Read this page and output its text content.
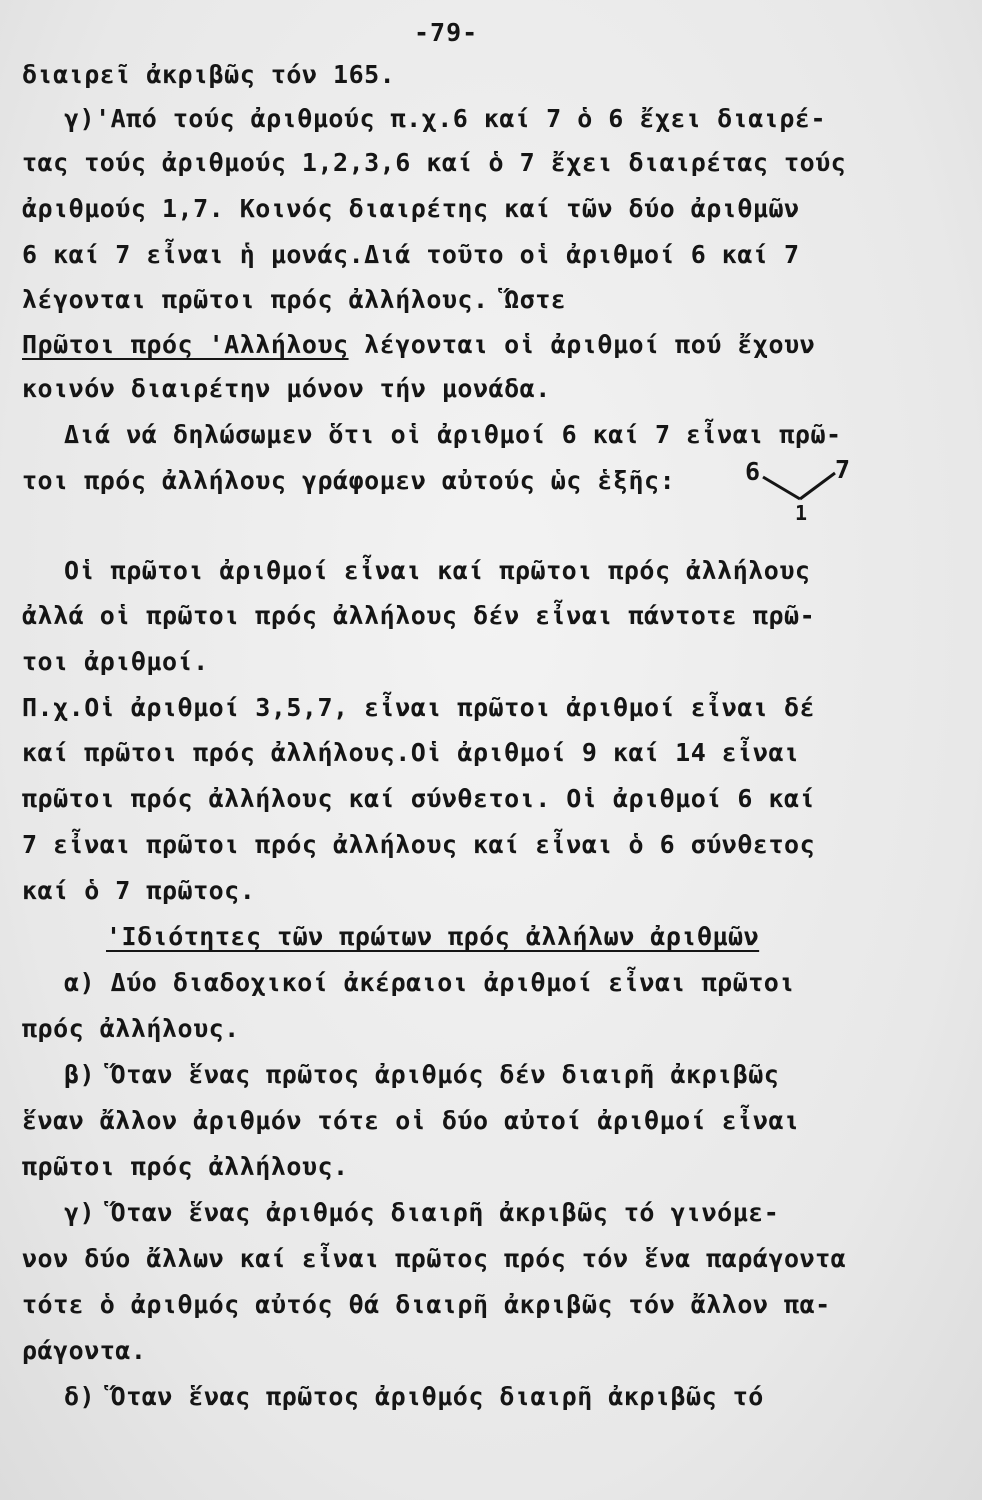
-79-
διαιρεῖ ἀκριβῶς τόν 165.
γ)'Από τούς ἀριθμούς π.χ.6 καί 7 ὁ 6 ἔχει διαιρέ-
τας τούς ἀριθμούς 1,2,3,6 καί ὁ 7 ἔχει διαιρέτας τούς
ἀριθμούς 1,7. Κοινός διαιρέτης καί τῶν δύο ἀριθμῶν
6 καί 7 εἶναι ἡ μονάς.Διά τοῦτο οἱ ἀριθμοί 6 καί 7
λέγονται πρῶτοι πρός ἀλλήλους. Ὥστε
Πρῶτοι πρός 'Αλλήλους λέγονται οἱ ἀριθμοί πού ἔχουν
κοινόν διαιρέτην μόνον τήν μονάδα.
Διά νά δηλώσωμεν ὅτι οἱ ἀριθμοί 6 καί 7 εἶναι πρῶ-
τοι πρός ἀλλήλους γράφομεν αὐτούς ὡς ἑξῆς:	6	7
1
Οἱ πρῶτοι ἀριθμοί εἶναι καί πρῶτοι πρός ἀλλήλους
ἀλλά οἱ πρῶτοι πρός ἀλλήλους δέν εἶναι πάντοτε πρῶ-
τοι ἀριθμοί.
Π.χ.Οἱ ἀριθμοί 3,5,7, εἶναι πρῶτοι ἀριθμοί εἶναι δέ
καί πρῶτοι πρός ἀλλήλους.Οἱ ἀριθμοί 9 καί 14 εἶναι
πρῶτοι πρός ἀλλήλους καί σύνθετοι. Οἱ ἀριθμοί 6 καί
7 εἶναι πρῶτοι πρός ἀλλήλους καί εἶναι ὁ 6 σύνθετος
καί ὁ 7 πρῶτος.
'Ιδιότητες τῶν πρώτων πρός ἀλλήλων ἀριθμῶν
α) Δύο διαδοχικοί ἀκέραιοι ἀριθμοί εἶναι πρῶτοι
πρός ἀλλήλους.
β) Ὅταν ἕνας πρῶτος ἀριθμός δέν διαιρῆ ἀκριβῶς
ἕναν ἄλλον ἀριθμόν τότε οἱ δύο αὐτοί ἀριθμοί εἶναι
πρῶτοι πρός ἀλλήλους.
γ) Ὅταν ἕνας ἀριθμός διαιρῆ ἀκριβῶς τό γινόμε-
νον δύο ἄλλων καί εἶναι πρῶτος πρός τόν ἕνα παράγοντα
τότε ὁ ἀριθμός αὐτός θά διαιρῆ ἀκριβῶς τόν ἄλλον πα-
ράγοντα.
δ) Ὅταν ἕνας πρῶτος ἀριθμός διαιρῆ ἀκριβῶς τό
